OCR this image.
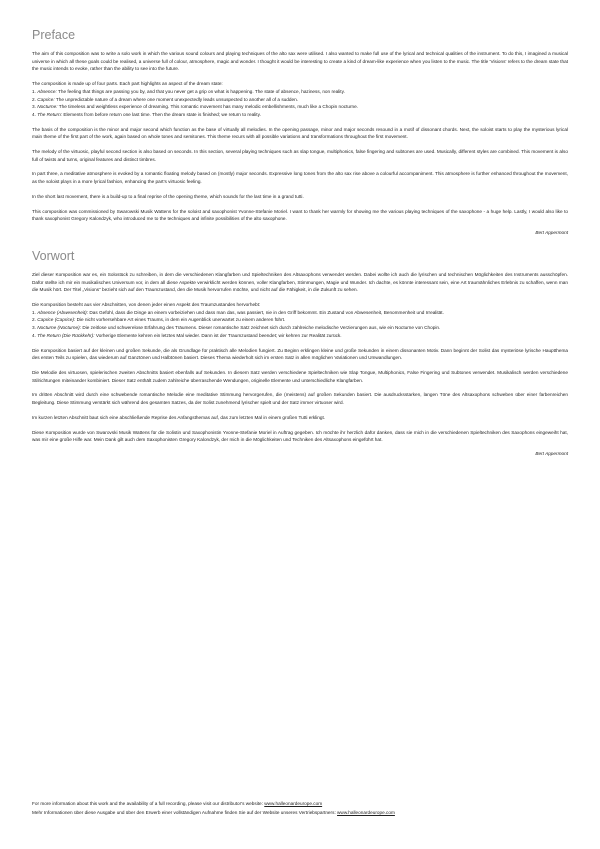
Preface

The aim of this composition was to write a solo work in which the various sound colours and playing techniques of the alto sax were utilised. I also wanted to make full use of the lyrical and technical qualities of the instrument. To do this, I imagined a musical universe in which all these goals could be realised, a universe full of colour, atmosphere, magic and wonder. I thought it would be interesting to create a kind of dream-like experience when you listen to the music. The title 'Visions' refers to the dream state that the music intends to evoke, rather than the ability to see into the future.

The composition is made up of four parts. Each part highlights an aspect of the dream state:
1. Absence: The feeling that things are passing you by, and that you never get a grip on what is happening. The state of absence, haziness, non reality.
2. Caprice: The unpredictable nature of a dream where one moment unexpectedly leads unsuspected to another all of a sudden.
3. Nocturne: The timeless and weightless experience of dreaming. This romantic movement has many melodic embellishments, much like a Chopin nocturne.
4. The Return: Elements from before return one last time. Then the dream state is finished; we return to reality.

The basis of the composition is the minor and major second which function as the base of virtually all melodies. In the opening passage, minor and major seconds resound in a motif of dissonant chords. Next, the soloist starts to play the mysterious lyrical main theme of the first part of the work, again based on whole tones and semitones. This theme recurs with all possible variations and transformations throughout the first movement.

The melody of the virtuosic, playful second section is also based on seconds. In this section, several playing techniques such as slap tongue, multiphonics, false fingering and subtones are used. Musically, different styles are combined. This movement is also full of twists and turns, original features and distinct timbres.

In part three, a meditative atmosphere is evoked by a romantic floating melody based on (mostly) major seconds. Expressive long tones from the alto sax rise above a colourful accompaniment. This atmosphere is further enhanced throughout the movement, as the soloist plays in a more lyrical fashion, enhancing the part's virtuosic feeling.

In the short last movement, there is a build-up to a final reprise of the opening theme, which sounds for the last time in a grand tutti.

This composition was commissioned by Swarowski Musik Wattens for the soloist and saxophonist Yvonne-Stefanie Moriel. I want to thank her warmly for showing me the various playing techniques of the saxophone - a huge help. Lastly, I would also like to thank saxophonist Gregory Kalondzyk, who introduced me to the techniques and infinite possibilities of the alto saxophone.

Bert Appermont
Vorwort

Ziel dieser Komposition war es, ein Solostück zu schreiben, in dem die verschiedenen Klangfarben und Spieltechniken des Altsaxophons verwendet werden. Dabei wollte ich auch die lyrischen und technischen Möglichkeiten des Instruments ausschöpfen. Dafür stellte ich mir ein musikalisches Universum vor, in dem all diese Aspekte verwirklicht werden können, voller Klangfarben, Stimmungen, Magie und Wunder. Ich dachte, es könnte interessant sein, eine Art traumähnliches Erlebnis zu schaffen, wenn man die Musik hört. Der Titel „Visions“ bezieht sich auf den Traumzustand, den die Musik hervorrufen möchte, und nicht auf die Fähigkeit, in die Zukunft zu sehen.

Die Komposition besteht aus vier Abschnitten, von denen jeder einen Aspekt des Traumzustandes hervorhebt:
1. Absence (Abwesenheit): Das Gefühl, dass die Dinge an einem vorbeiziehen und dass man das, was passiert, nie in den Griff bekommt. Ein Zustand von Abwesenheit, Benommenheit und Irrealität.
2. Caprice (Caprice): Die nicht vorhersehbare Art eines Traums, in dem ein Augenblick unerwartet zu einem anderen führt.
3. Nocturne (Nocturne): Die zeitlose und schwerelose Erfahrung des Träumens. Dieser romantische Satz zeichnet sich durch zahlreiche melodische Verzierungen aus, wie ein Nocturne von Chopin.
4. The Return (Die Rückkehr): Vorherige Elemente kehren ein letztes Mal wieder. Dann ist der Traumzustand beendet; wir kehren zur Realität zurück.

Die Komposition basiert auf der kleinen und großen Sekunde, die als Grundlage für praktisch alle Melodien fungiert. Zu Beginn erklingen kleine und große Sekunden in einem dissonanten Motiv. Dann beginnt der Solist das mysteriöse lyrische Hauptthema des ersten Teils zu spielen, das wiederum auf Ganztönen und Halbtönen basiert. Dieses Thema wiederholt sich im ersten Satz in allen möglichen Variationen und Umwandlungen.

Die Melodie des virtuosen, spielerischen zweiten Abschnitts basiert ebenfalls auf Sekunden. In diesem Satz werden verschiedene Spieltechniken wie Slap Tongue, Multiphonics, False Fingering und Subtones verwendet. Musikalisch werden verschiedene Stilrichtungen miteinander kombiniert. Dieser Satz enthält zudem zahlreiche überraschende Wendungen, originelle Elemente und unterschiedliche Klangfarben.

Im dritten Abschnitt wird durch eine schwebende romantische Melodie eine meditative Stimmung hervorgerufen, die (meistens) auf großen Sekunden basiert. Die ausdrucksstarken, langen Töne des Altsaxophons schweben über einer farbenreichen Begleitung. Diese Stimmung verstärkt sich während des gesamten Satzes, da der Solist zunehmend lyrischer spielt und der Satz immer virtuoser wird.

Im kurzen letzten Abschnitt baut sich eine abschließende Reprise des Anfangsthemas auf, das zum letzten Mal in einem großen Tutti erklingt.

Diese Komposition wurde von Swarovski Musik Wattens für die Solistin und Saxophonistin Yvonne-Stefanie Moriel in Auftrag gegeben. Ich möchte ihr herzlich dafür danken, dass sie mich in die verschiedenen Spieltechniken des Saxophons eingeweiht hat, was mir eine große Hilfe war. Mein Dank gilt auch dem Saxophonisten Gregory Kalondzyk, der mich in die Möglichkeiten und Techniken des Altsaxophons eingeführt hat.

Bert Appermont
For more information about this work and the availability of a full recording, please visit our distributor's website: www.halleonardeurope.com
Mehr Informationen über diese Ausgabe und über den Erwerb einer vollständigen Aufnahme finden Sie auf der Website unseres Vertriebspartners: www.halleonardeurope.com
